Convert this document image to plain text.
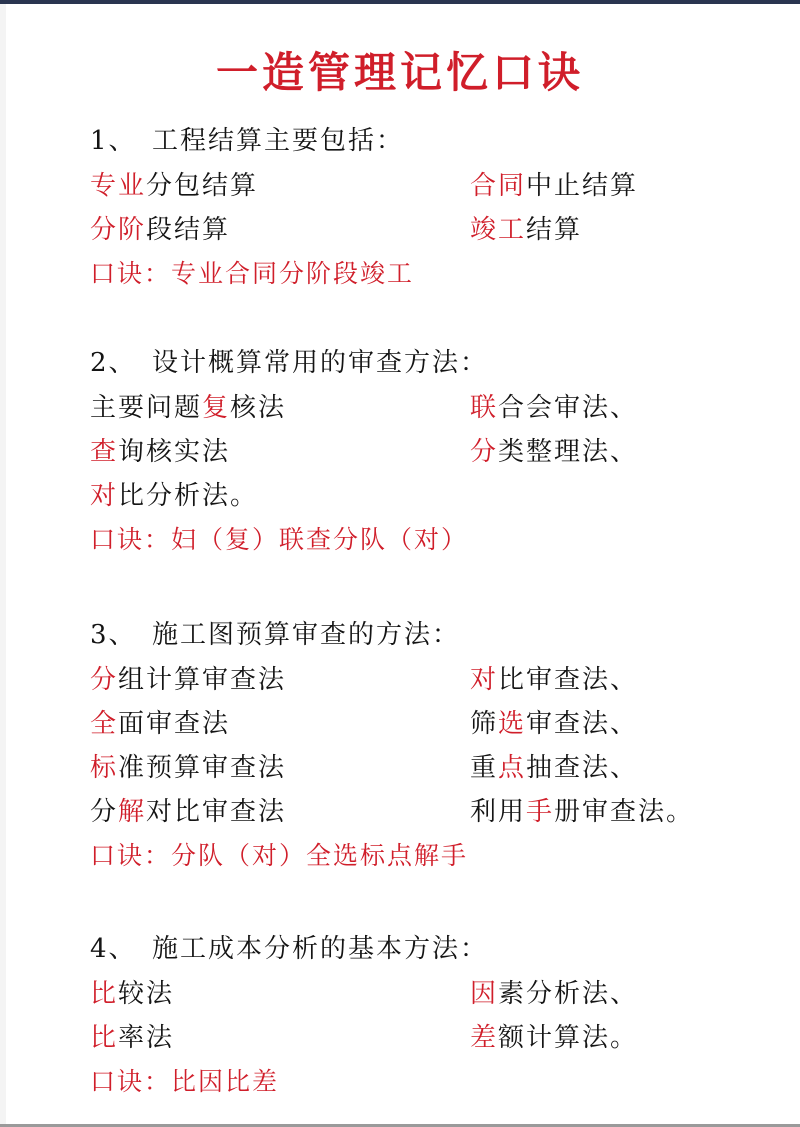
一造管理记忆口诀
1、 工程结算主要包括：
专业分包结算	合同中止结算
分阶段结算	竣工结算
口诀：专业合同分阶段竣工
2、 设计概算常用的审查方法：
主要问题复核法	联合会审法、
查询核实法	分类整理法、
对比分析法。
口诀：妇（复）联查分队（对）
3、 施工图预算审查的方法：
分组计算审查法	对比审查法、
全面审查法	筛选审查法、
标准预算审查法	重点抽查法、
分解对比审查法	利用手册审查法。
口诀：分队（对）全选标点解手
4、 施工成本分析的基本方法：
比较法	因素分析法、
比率法	差额计算法。
口诀：比因比差
